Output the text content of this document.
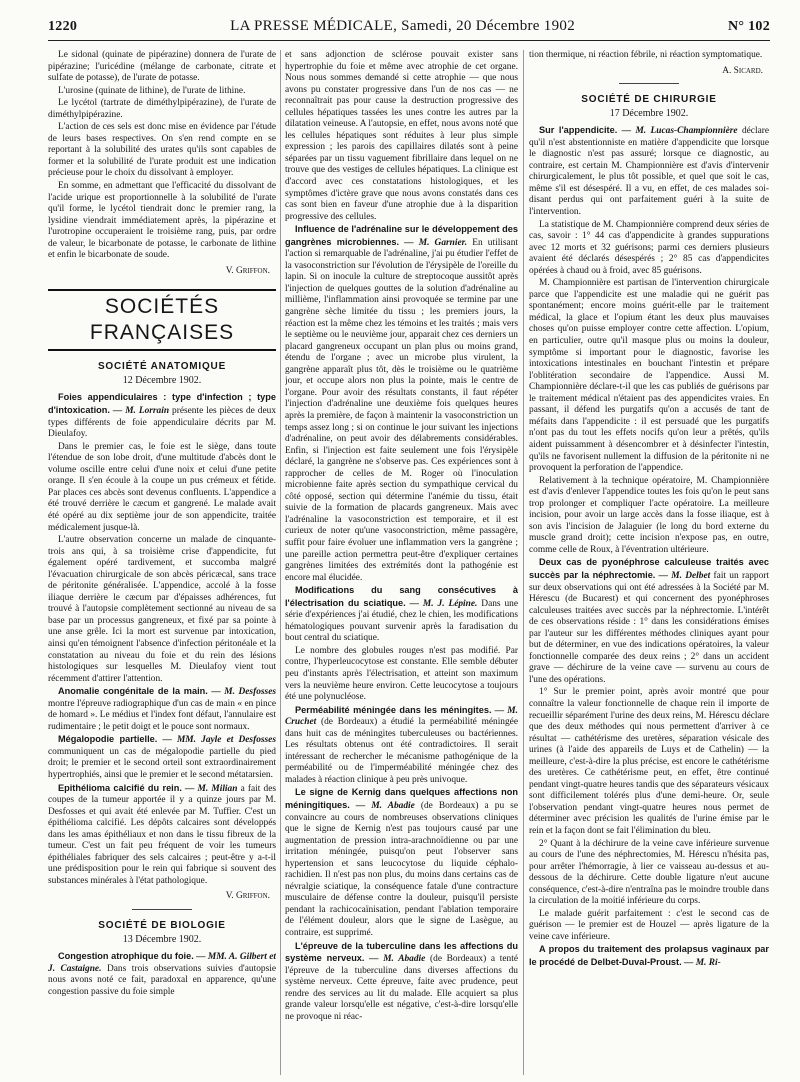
1220	LA PRESSE MÉDICALE, Samedi, 20 Décembre 1902	N° 102

Le sidonal (quinate de pipérazine) donnera de l'urate de pipérazine; l'uricédine (mélange de carbonate, citrate et sulfate de potasse), de l'urate de potasse.

L'urosine (quinate de lithine), de l'urate de lithine.

Le lycétol (tartrate de diméthylpipérazine), de l'urate de diméthylpipérazine.

L'action de ces sels est donc mise en évidence par l'étude de leurs bases respectives. On s'en rend compte en se reportant à la solubilité des urates qu'ils sont capables de former et la solubilité de l'urate produit est une indication précieuse pour le choix du dissolvant à employer.

En somme, en admettant que l'efficacité du dissolvant de l'acide urique est proportionnelle à la solubilité de l'urate qu'il forme, le lycétol tiendrait donc le premier rang, la lysidine viendrait immédiatement après, la pipérazine et l'urotropine occuperaient le troisième rang, puis, par ordre de valeur, le bicarbonate de potasse, le carbonate de lithine et enfin le bicarbonate de soude.

V. Griffon.

SOCIÉTÉS FRANÇAISES

SOCIÉTÉ ANATOMIQUE

12 Décembre 1902.

Foies appendiculaires : type d'infection ; type d'intoxication. — M. Lorrain présente les pièces de deux types différents de foie appendiculaire décrits par M. Dieulafoy.

Dans le premier cas, le foie est le siège, dans toute l'étendue de son lobe droit, d'une multitude d'abcès dont le volume oscille entre celui d'une noix et celui d'une petite orange. Il s'en écoule à la coupe un pus crémeux et fétide. Par places ces abcès sont devenus confluents. L'appendice a été trouvé derrière le cæcum et gangrené. Le malade avait été opéré au dix septième jour de son appendicite, traitée médicalement jusque-là.

L'autre observation concerne un malade de cinquante-trois ans qui, à sa troisième crise d'appendicite, fut également opéré tardivement, et succomba malgré l'évacuation chirurgicale de son abcès péricæcal, sans trace de péritonite généralisée. L'appendice, accolé à la fosse iliaque derrière le cæcum par d'épaisses adhérences, fut trouvé à l'autopsie complètement sectionné au niveau de sa base par un processus gangreneux, et fixé par sa pointe à une anse grêle. Ici la mort est survenue par intoxication, ainsi qu'en témoignent l'absence d'infection péritonéale et la constatation au niveau du foie et du rein des lésions histologiques sur lesquelles M. Dieulafoy vient tout récemment d'attirer l'attention.

Anomalie congénitale de la main. — M. Desfosses montre l'épreuve radiographique d'un cas de main « en pince de homard ». Le médius et l'index font défaut, l'annulaire est rudimentaire ; le petit doigt et le pouce sont normaux.

Mégalopodie partielle. — MM. Jayle et Desfosses communiquent un cas de mégalopodie partielle du pied droit; le premier et le second orteil sont extraordinairement hypertrophiés, ainsi que le premier et le second métatarsien.

Epithélioma calcifié du rein. — M. Milian a fait des coupes de la tumeur apportée il y a quinze jours par M. Desfosses et qui avait été enlevée par M. Tuffier. C'est un épithélioma calcifié. Les dépôts calcaires sont développés dans les amas épithéliaux et non dans le tissu fibreux de la tumeur. C'est un fait peu fréquent de voir les tumeurs épithéliales fabriquer des sels calcaires ; peut-être y a-t-il une prédisposition pour le rein qui fabrique si souvent des substances minérales à l'état pathologique.

V. Griffon.

SOCIÉTÉ DE BIOLOGIE

13 Décembre 1902.

Congestion atrophique du foie. — MM. A. Gilbert et J. Castaigne. Dans trois observations suivies d'autopsie nous avons noté ce fait, paradoxal en apparence, qu'une congestion passive du foie simple

et sans adjonction de sclérose pouvait exister sans hypertrophie du foie et même avec atrophie de cet organe. Nous nous sommes demandé si cette atrophie — que nous avons pu constater progressive dans l'un de nos cas — ne reconnaîtrait pas pour cause la destruction progressive des cellules hépatiques tassées les unes contre les autres par la dilatation veineuse. A l'autopsie, en effet, nous avons noté que les cellules hépatiques sont réduites à leur plus simple expression ; les parois des capillaires dilatés sont à peine séparées par un tissu vaguement fibrillaire dans lequel on ne trouve que des vestiges de cellules hépatiques. La clinique est d'accord avec ces constatations histologiques, et les symptômes d'ictère grave que nous avons constatés dans ces cas sont bien en faveur d'une atrophie due à la disparition progressive des cellules.

Influence de l'adrénaline sur le développement des gangrènes microbiennes. — M. Garnier. En utilisant l'action si remarquable de l'adrénaline, j'ai pu étudier l'effet de la vasoconstriction sur l'évolution de l'érysipèle de l'oreille du lapin. Si on inocule la culture de streptocoque aussitôt après l'injection de quelques gouttes de la solution d'adrénaline au millième, l'inflammation ainsi provoquée se termine par une gangrène sèche limitée du tissu ; les premiers jours, la réaction est la même chez les témoins et les traités ; mais vers le septième ou le neuvième jour, apparait chez ces derniers un placard gangreneux occupant un plan plus ou moins grand, étendu de l'organe ; avec un microbe plus virulent, la gangrène apparaît plus tôt, dès le troisième ou le quatrième jour, et occupe alors non plus la pointe, mais le centre de l'organe. Pour avoir des résultats constants, il faut répéter l'injection d'adrénaline une deuxième fois quelques heures après la première, de façon à maintenir la vasoconstriction un temps assez long ; si on continue le jour suivant les injections d'adrénaline, on peut avoir des délabrements considérables. Enfin, si l'injection est faite seulement une fois l'érysipèle déclaré, la gangrène ne s'observe pas. Ces expériences sont à rapprocher de celles de M. Roger où l'inoculation microbienne faite après section du sympathique cervical du côté opposé, section qui détermine l'anémie du tissu, était suivie de la formation de placards gangreneux. Mais avec l'adrénaline la vasoconstriction est temporaire, et il est curieux de noter qu'une vasoconstriction, même passagère, suffit pour faire évoluer une inflammation vers la gangrène ; une pareille action permettra peut-être d'expliquer certaines gangrènes limitées des extrémités dont la pathogénie est encore mal élucidée.

Modifications du sang consécutives à l'électrisation du sciatique. — M. J. Lépine. Dans une série d'expériences j'ai étudié, chez le chien, les modifications hématologiques pouvant survenir après la faradisation du bout central du sciatique.

Le nombre des globules rouges n'est pas modifié. Par contre, l'hyperleucocytose est constante. Elle semble débuter peu d'instants après l'électrisation, et atteint son maximum vers la neuvième heure environ. Cette leucocytose a toujours été une polynucléose.

Perméabilité méningée dans les méningites. — M. Cruchet (de Bordeaux) a étudié la perméabilité méningée dans huit cas de méningites tuberculeuses ou bactériennes. Les résultats obtenus ont été contradictoires. Il serait intéressant de rechercher le mécanisme pathogénique de la perméabilité ou de l'imperméabilité méningée chez des malades à réaction clinique à peu près univoque.

Le signe de Kernig dans quelques affections non méningitiques. — M. Abadie (de Bordeaux) a pu se convaincre au cours de nombreuses observations cliniques que le signe de Kernig n'est pas toujours causé par une augmentation de pression intra-arachnoïdienne ou par une irritation méningée, puisqu'on peut l'observer sans hypertension et sans leucocytose du liquide céphalo-rachidien. Il n'est pas non plus, du moins dans certains cas de névralgie sciatique, la conséquence fatale d'une contracture musculaire de défense contre la douleur, puisqu'il persiste pendant la rachicocaïnisation, pendant l'ablation temporaire de l'élément douleur, alors que le signe de Lasègue, au contraire, est supprimé.

L'épreuve de la tuberculine dans les affections du système nerveux. — M. Abadie (de Bordeaux) a tenté l'épreuve de la tuberculine dans diverses affections du système nerveux. Cette épreuve, faite avec prudence, peut rendre des services au lit du malade. Elle acquiert sa plus grande valeur lorsqu'elle est négative, c'est-à-dire lorsqu'elle ne provoque ni réac-

tion thermique, ni réaction fébrile, ni réaction symptomatique.

A. Sicard.

SOCIÉTÉ DE CHIRURGIE

17 Décembre 1902.

Sur l'appendicite. — M. Lucas-Championnière déclare qu'il n'est abstentionniste en matière d'appendicite que lorsque le diagnostic n'est pas assuré; lorsque ce diagnostic, au contraire, est certain M. Championnière est d'avis d'intervenir chirurgicalement, le plus tôt possible, et quel que soit le cas, même s'il est désespéré. Il a vu, en effet, de ces malades soi-disant perdus qui ont parfaitement guéri à la suite de l'intervention.

La statistique de M. Championnière comprend deux séries de cas, savoir : 1° 44 cas d'appendicite à grandes suppurations avec 12 morts et 32 guérisons; parmi ces derniers plusieurs avaient été déclarés désespérés ; 2° 85 cas d'appendicites opérées à chaud ou à froid, avec 85 guérisons.

M. Championnière est partisan de l'intervention chirurgicale parce que l'appendicite est une maladie qui ne guérit pas spontanément; encore moins guérit-elle par le traitement médical, la glace et l'opium étant les deux plus mauvaises choses qu'on puisse employer contre cette affection. L'opium, en particulier, outre qu'il masque plus ou moins la douleur, symptôme si important pour le diagnostic, favorise les intoxications intestinales en bouchant l'intestin et prépare l'oblitération secondaire de l'appendice. Aussi M. Championnière déclare-t-il que les cas publiés de guérisons par le traitement médical n'étaient pas des appendicites vraies. En passant, il défend les purgatifs qu'on a accusés de tant de méfaits dans l'appendicite : il est persuadé que les purgatifs n'ont pas du tout les effets nocifs qu'on leur a prêtés, qu'ils aident puissamment à désencombrer et à désinfecter l'intestin, qu'ils ne favorisent nullement la diffusion de la péritonite ni ne provoquent la perforation de l'appendice.

Relativement à la technique opératoire, M. Championnière est d'avis d'enlever l'appendice toutes les fois qu'on le peut sans trop prolonger et compliquer l'acte opératoire. La meilleure incision, pour avoir un large accès dans la fosse iliaque, est à son avis l'incision de Jalaguier (le long du bord externe du muscle grand droit); cette incision n'expose pas, en outre, comme celle de Roux, à l'éventration ultérieure.

Deux cas de pyonéphrose calculeuse traités avec succès par la néphrectomie. — M. Delbet fait un rapport sur deux observations qui ont été adressées à la Société par M. Hérescu (de Bucarest) et qui concernent des pyonéphroses calculeuses traitées avec succès par la néphrectomie. L'intérêt de ces observations réside : 1° dans les considérations émises par l'auteur sur les différentes méthodes cliniques ayant pour but de déterminer, en vue des indications opératoires, la valeur fonctionnelle comparée des deux reins ; 2° dans un accident grave — déchirure de la veine cave — survenu au cours de l'une des opérations.

1° Sur le premier point, après avoir montré que pour connaître la valeur fonctionnelle de chaque rein il importe de recueillir séparément l'urine des deux reins, M. Hérescu déclare que des deux méthodes qui nous permettent d'arriver à ce résultat — cathétérisme des uretères, séparation vésicale des urines (à l'aide des appareils de Luys et de Cathelin) — la meilleure, c'est-à-dire la plus précise, est encore le cathétérisme des uretères. Ce cathétérisme peut, en effet, être continué pendant vingt-quatre heures tandis que des séparateurs vésicaux sont difficilement tolérés plus d'une demi-heure. Or, seule l'observation pendant vingt-quatre heures nous permet de déterminer avec précision les qualités de l'urine émise par le rein et la façon dont se fait l'élimination du bleu.

2° Quant à la déchirure de la veine cave inférieure survenue au cours de l'une des néphrectomies, M. Hérescu n'hésita pas, pour arrêter l'hémorragie, à lier ce vaisseau au-dessus et au-dessous de la déchirure. Cette double ligature n'eut aucune conséquence, c'est-à-dire n'entraîna pas le moindre trouble dans la circulation de la moitié inférieure du corps.

Le malade guérit parfaitement : c'est le second cas de guérison — le premier est de Houzel — après ligature de la veine cave inférieure.

A propos du traitement des prolapsus vaginaux par le procédé de Delbet-Duval-Proust. — M. Ri-
